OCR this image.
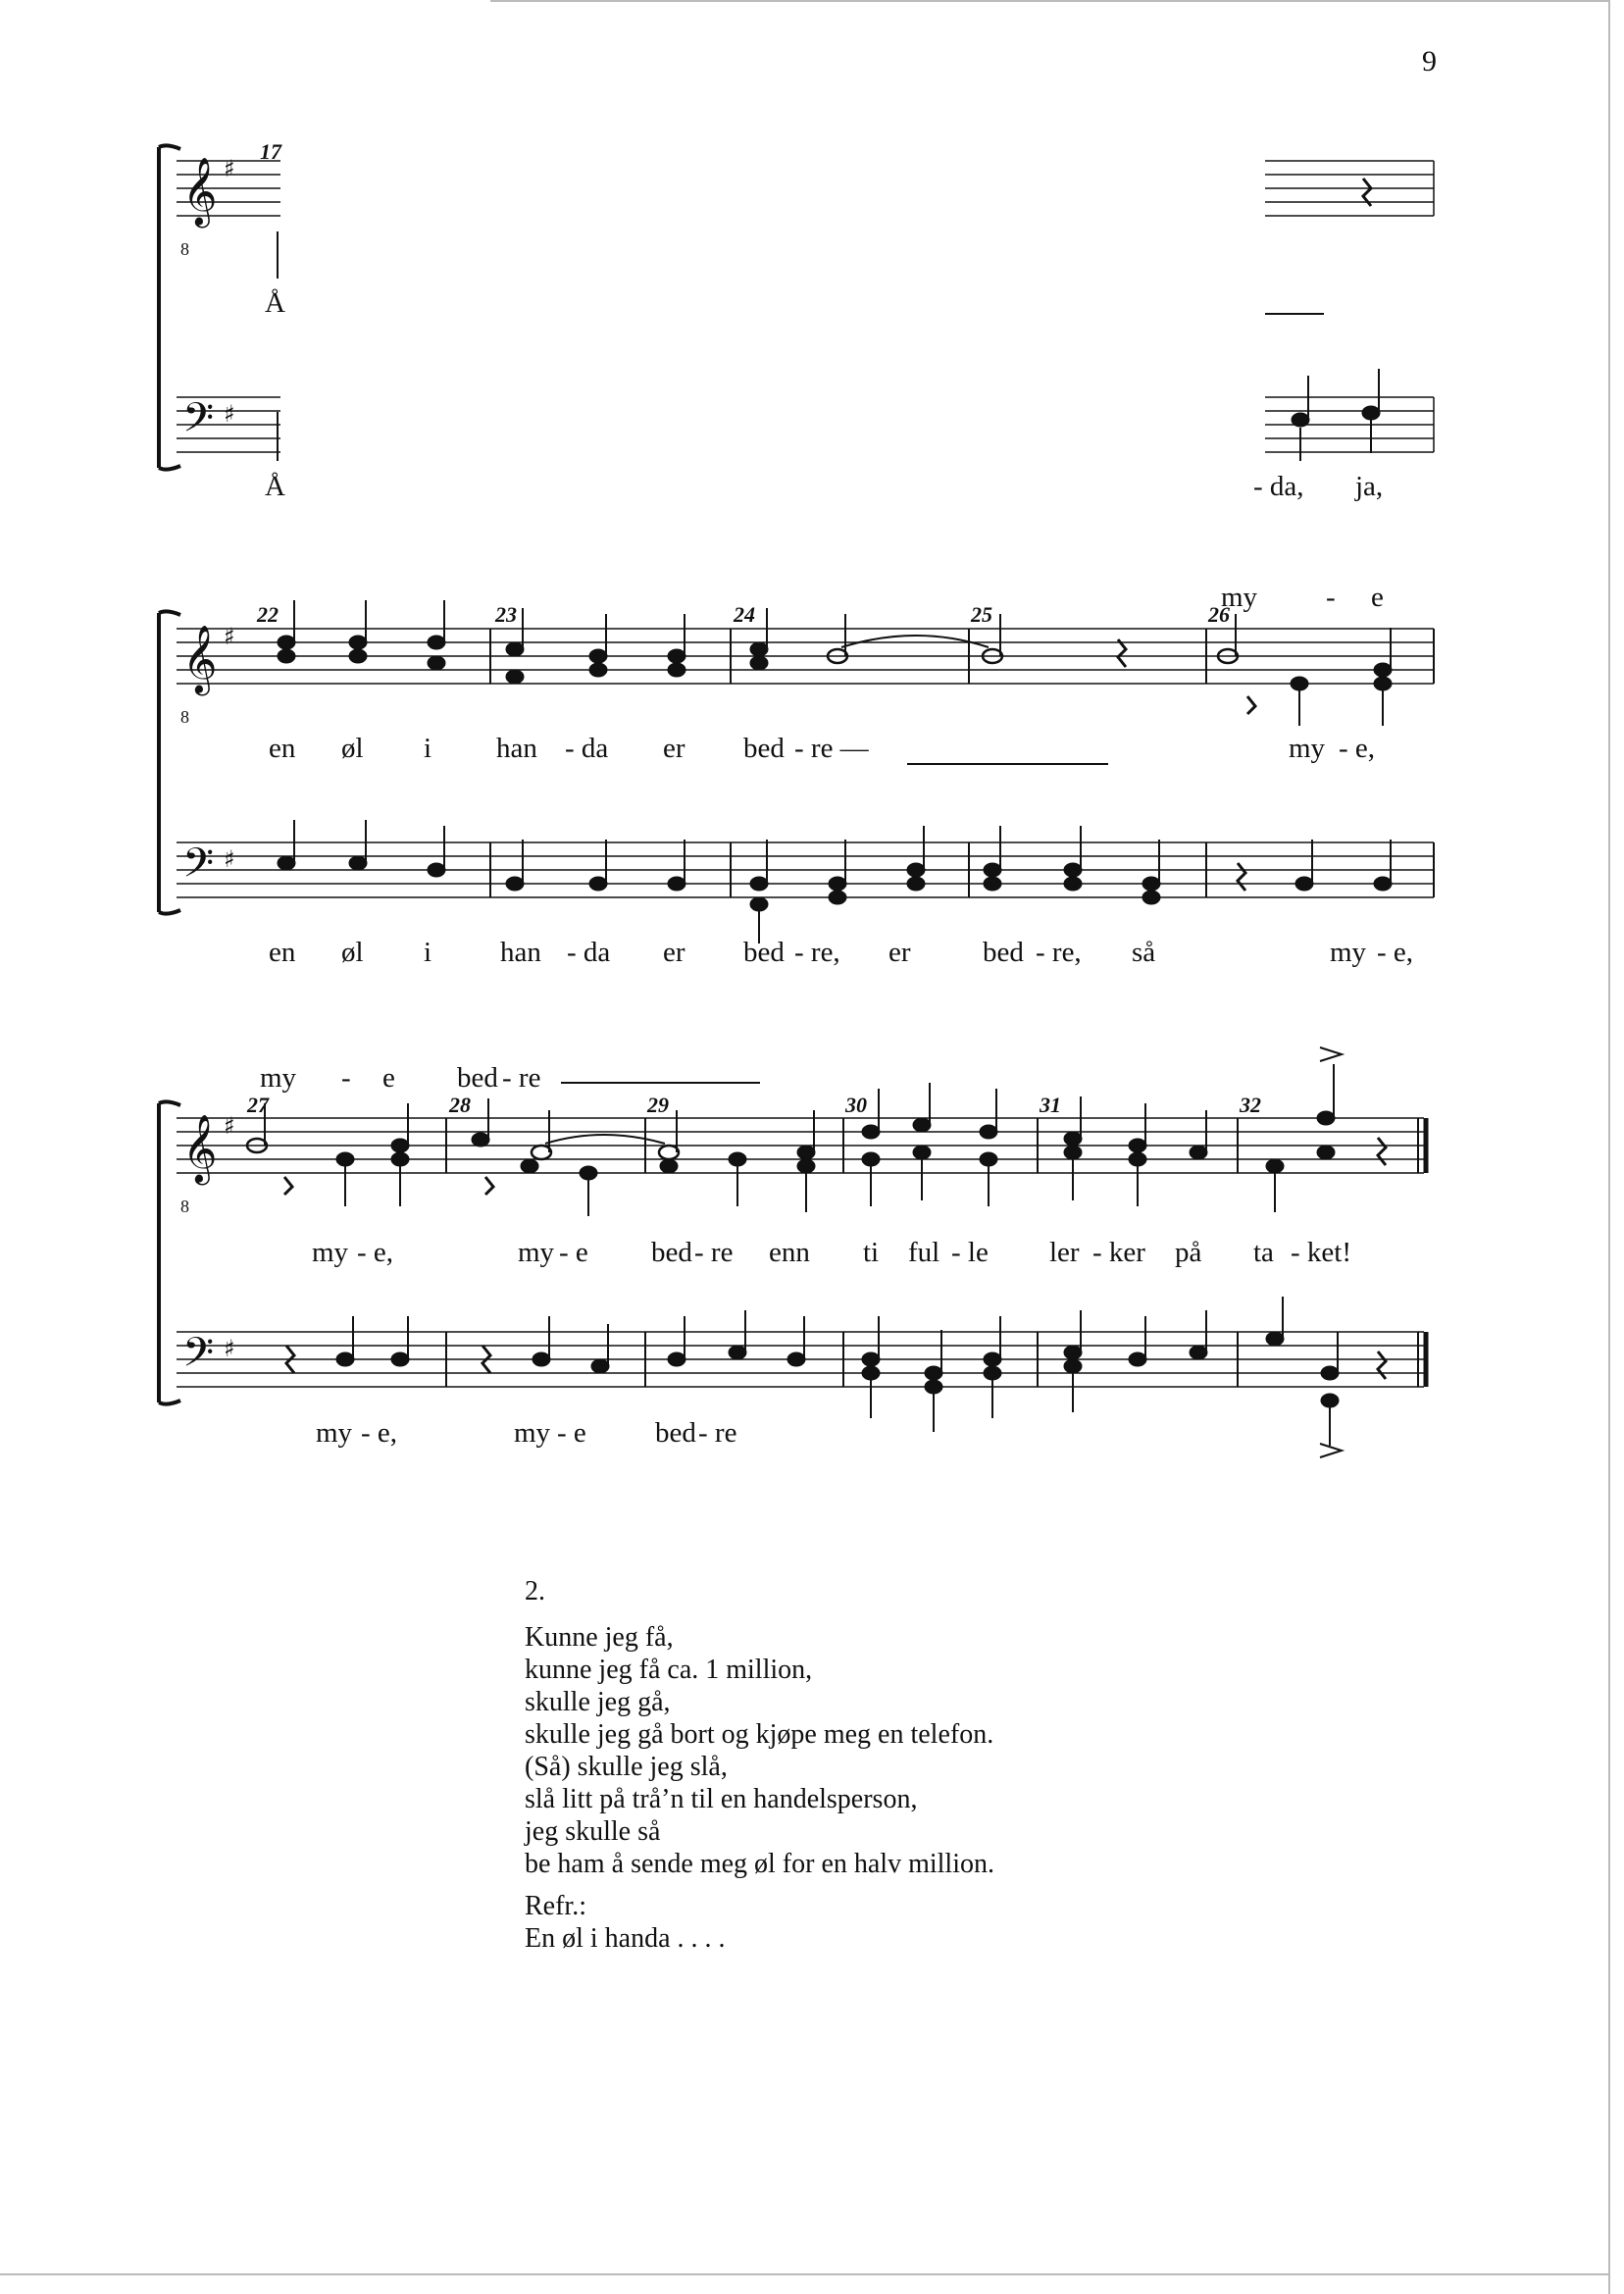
9
𝄞
8
♯
𝄢 ♯
17
Å
Å	- da, ja,
𝄞
8
♯
𝄢 ♯
22	23	24	25	26
my - e
en øl i han - da er bed - re —	my - e,
en øl i han - da er bed - re, er	bed - re, så	my - e,
𝄞
8
♯
𝄢 ♯
27	28	29	30	31	32
my - e bed - re
my - e,	my - e bed - re enn ti ful - le ler - ker på ta - ket!
my - e,	my - e bed - re
2.
Kunne jeg få,
kunne jeg få ca. 1 million,
skulle jeg gå,
skulle jeg gå bort og kjøpe meg en telefon.
(Så) skulle jeg slå,
slå litt på trå’n til en handelsperson,
jeg skulle så
be ham å sende meg øl for en halv million.
Refr.:
En øl i handa . . . .
